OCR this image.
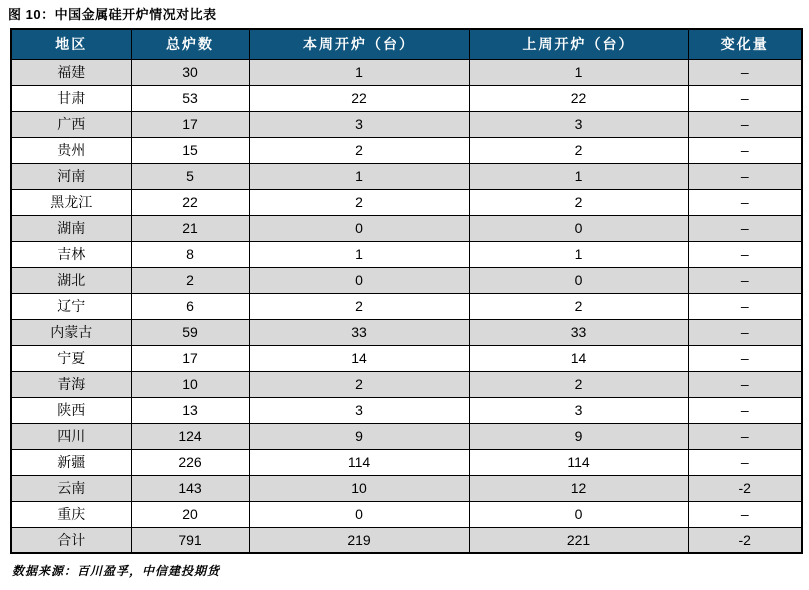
图 10：中国金属硅开炉情况对比表
地区	总炉数	本周开炉（台）	上周开炉（台）	变化量
福建	30	1	1	–
甘肃	53	22	22	–
广西	17	3	3	–
贵州	15	2	2	–
河南	5	1	1	–
黑龙江	22	2	2	–
湖南	21	0	0	–
吉林	8	1	1	–
湖北	2	0	0	–
辽宁	6	2	2	–
内蒙古	59	33	33	–
宁夏	17	14	14	–
青海	10	2	2	–
陕西	13	3	3	–
四川	124	9	9	–
新疆	226	114	114	–
云南	143	10	12	-2
重庆	20	0	0	–
合计	791	219	221	-2
数据来源：百川盈孚，中信建投期货
